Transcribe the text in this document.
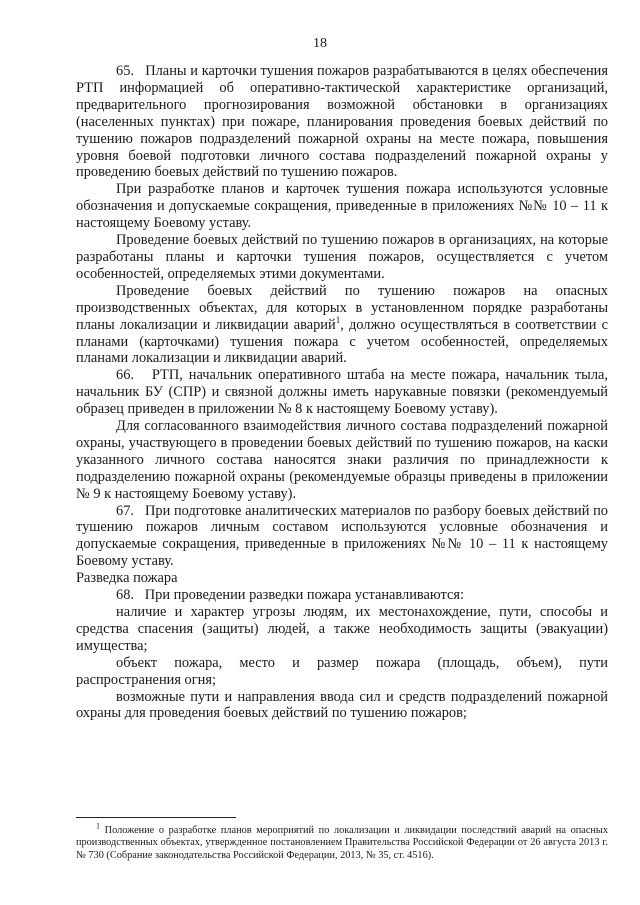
18

65.   Планы и карточки тушения пожаров разрабатываются в целях обеспечения РТП информацией об оперативно-тактической характеристике организаций, предварительного прогнозирования возможной обстановки в организациях (населенных пунктах) при пожаре, планирования проведения боевых действий по тушению пожаров подразделений пожарной охраны на месте пожара, повышения уровня боевой подготовки личного состава подразделений пожарной охраны у проведению боевых действий по тушению пожаров.

При разработке планов и карточек тушения пожара используются условные обозначения и допускаемые сокращения, приведенные в приложениях №№ 10 – 11 к настоящему Боевому уставу.

Проведение боевых действий по тушению пожаров в организациях, на которые разработаны планы и карточки тушения пожаров, осуществляется с учетом особенностей, определяемых этими документами.

Проведение боевых действий по тушению пожаров на опасных производственных объектах, для которых в установленном порядке разработаны планы локализации и ликвидации аварий$^1$, должно осуществляться в соответствии с планами (карточками) тушения пожара с учетом особенностей, определяемых планами локализации и ликвидации аварий.

66.   РТП, начальник оперативного штаба на месте пожара, начальник тыла, начальник БУ (СПР) и связной должны иметь нарукавные повязки (рекомендуемый образец приведен в приложении № 8 к настоящему Боевому уставу).

Для согласованного взаимодействия личного состава подразделений пожарной охраны, участвующего в проведении боевых действий по тушению пожаров, на каски указанного личного состава наносятся знаки различия по принадлежности к подразделению пожарной охраны (рекомендуемые образцы приведены в приложении № 9 к настоящему Боевому уставу).

67.   При подготовке аналитических материалов по разбору боевых действий по тушению пожаров личным составом используются условные обозначения и допускаемые сокращения, приведенные в приложениях №№ 10 – 11 к настоящему Боевому уставу.

Разведка пожара

68.   При проведении разведки пожара устанавливаются:

наличие и характер угрозы людям, их местонахождение, пути, способы и средства спасения (защиты) людей, а также необходимость защиты (эвакуации) имущества;

объект пожара, место и размер пожара (площадь, объем), пути распространения огня;

возможные пути и направления ввода сил и средств подразделений пожарной охраны для проведения боевых действий по тушению пожаров;

$^1$ Положение о разработке планов мероприятий по локализации и ликвидации последствий аварий на опасных производственных объектах, утвержденное постановлением Правительства Российской Федерации от 26 августа 2013 г. № 730 (Собрание законодательства Российской Федерации, 2013, № 35, ст. 4516).
